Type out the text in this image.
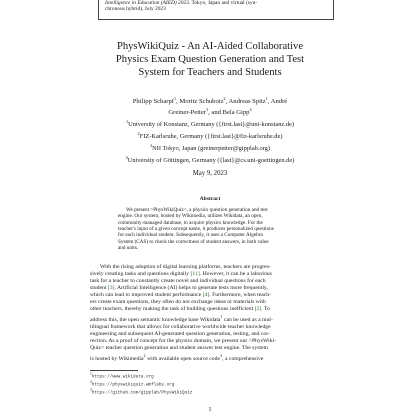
Intelligence in Education (AIED) 2023. Tokyo, Japan and virtual (syn-
chronous hybrid), July 2023
PhysWikiQuiz - An AI-Aided Collaborative
Physics Exam Question Generation and Test
System for Teachers and Students
Philipp Scharpf$^1$, Moritz Schubotz$^2$, Andreas Spitz$^1$, André
Greiner-Petter$^3$, and Bela Gipp$^4$
$^1$University of Konstanz, Germany ({first.last}@uni-konstanz.de)
$^2$FIZ-Karlsruhe, Germany ({first.last}@fiz-karlsruhe.de)
$^3$NII Tokyo, Japan (greinerpetter@gipplab.org)
$^4$University of Göttingen, Germany ({last}@cs.uni-goettingen.de)
May 9, 2023
Abstract
We present >PhysWikiQuiz<, a physics question generation and test
engine. Our system, hosted by Wikimedia, utilizes Wikidata, an open,
community-managed database, to acquire physics knowledge. For the
teacher's input of a given concept name, it produces personalized questions
for each individual student. Subsequently, it uses a Computer Algebra
System (CAS) to check the correctness of student answers, in both value
and units.
With the rising adoption of digital learning platforms, teachers are progres-
sively creating tasks and questions digitally [11]. However, it can be a laborious
task for a teacher to constantly create novel and individual questions for each
student [3]. Artificial Intelligence (AI) helps to generate tests more frequently,
which can lead to improved student performance [4]. Furthermore, when teach-
ers create exam questions, they often do not exchange ideas or materials with
other teachers, thereby making the task of building questions inefficient [2]. To
address this, the open semantic knowledge base Wikidata$^1$ can be used as a mul-
tilingual framework that allows for collaborative worldwide teacher knowledge
engineering and subsequent AI-generated question generation, testing, and cor-
rection. As a proof of concept for the physics domain, we present our >PhysWiki-
Quiz< teacher question generation and student answer test engine. The system
is hosted by Wikimedia$^2$ with available open source code$^3$, a comprehensive
$^1$https://www.wikidata.org
$^2$https://physwikiquiz.wmflabs.org
$^3$https://github.com/gipplab/PhysWikiQuiz
1
